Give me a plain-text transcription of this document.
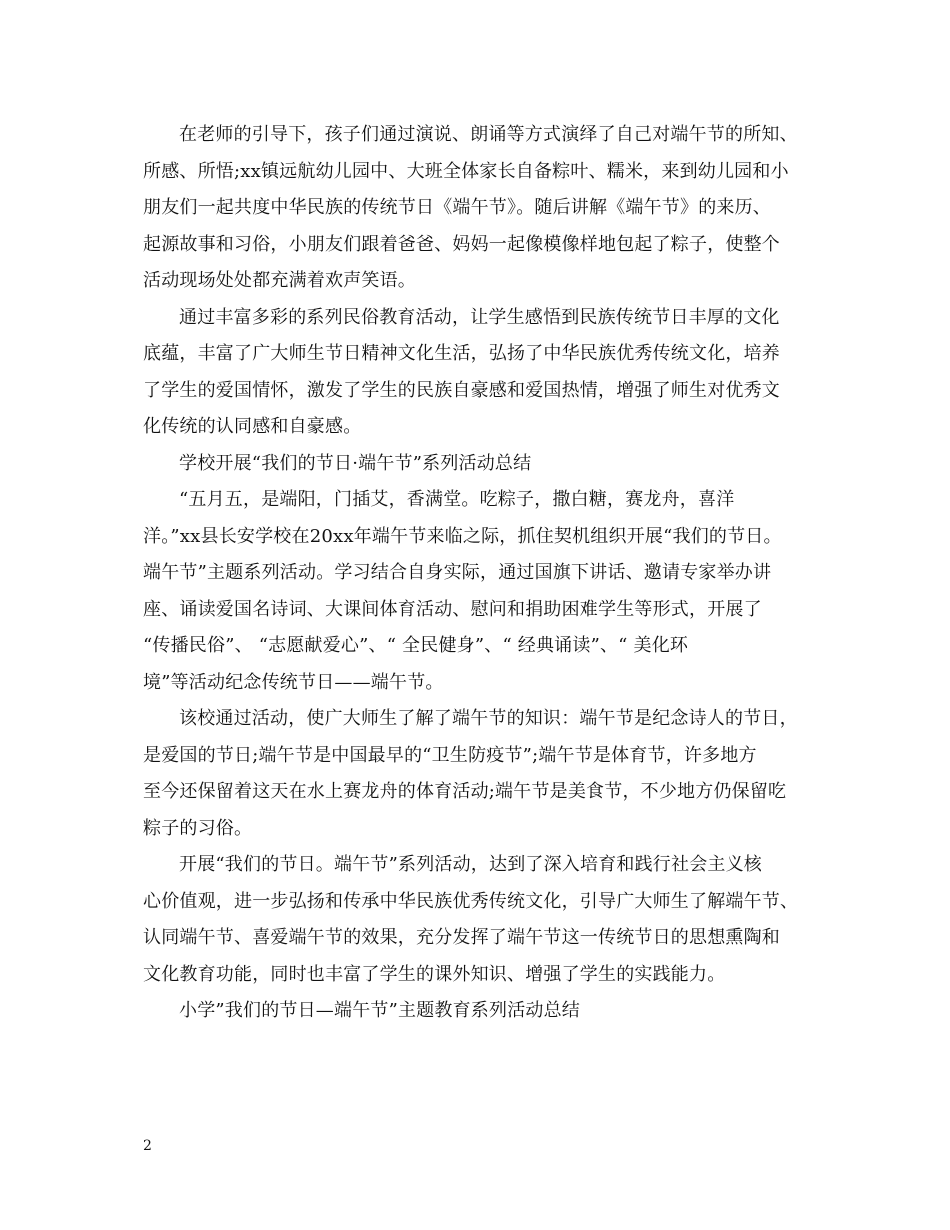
在老师的引导下，孩子们通过演说、朗诵等方式演绎了自己对端午节的所知、
所感、所悟;xx镇远航幼儿园中、大班全体家长自备粽叶、糯米，来到幼儿园和小
朋友们一起共度中华民族的传统节日《端午节》。随后讲解《端午节》的来历、
起源故事和习俗，小朋友们跟着爸爸、妈妈一起像模像样地包起了粽子，使整个
活动现场处处都充满着欢声笑语。
通过丰富多彩的系列民俗教育活动，让学生感悟到民族传统节日丰厚的文化
底蕴，丰富了广大师生节日精神文化生活，弘扬了中华民族优秀传统文化，培养
了学生的爱国情怀，激发了学生的民族自豪感和爱国热情，增强了师生对优秀文
化传统的认同感和自豪感。
学校开展“我们的节日·端午节”系列活动总结
“五月五，是端阳，门插艾，香满堂。吃粽子，撒白糖，赛龙舟，喜洋
洋。”xx县长安学校在20xx年端午节来临之际，抓住契机组织开展“我们的节日。
端午节”主题系列活动。学习结合自身实际，通过国旗下讲话、邀请专家举办讲
座、诵读爱国名诗词、大课间体育活动、慰问和捐助困难学生等形式，开展了
“传播民俗”、 “志愿献爱心”、“ 全民健身”、“ 经典诵读”、“ 美化环
境”等活动纪念传统节日——端午节。
该校通过活动，使广大师生了解了端午节的知识：端午节是纪念诗人的节日，
是爱国的节日;端午节是中国最早的“卫生防疫节”;端午节是体育节，许多地方
至今还保留着这天在水上赛龙舟的体育活动;端午节是美食节，不少地方仍保留吃
粽子的习俗。
开展“我们的节日。端午节”系列活动，达到了深入培育和践行社会主义核
心价值观，进一步弘扬和传承中华民族优秀传统文化，引导广大师生了解端午节、
认同端午节、喜爱端午节的效果，充分发挥了端午节这一传统节日的思想熏陶和
文化教育功能，同时也丰富了学生的课外知识、增强了学生的实践能力。
小学”我们的节日—端午节”主题教育系列活动总结
2
